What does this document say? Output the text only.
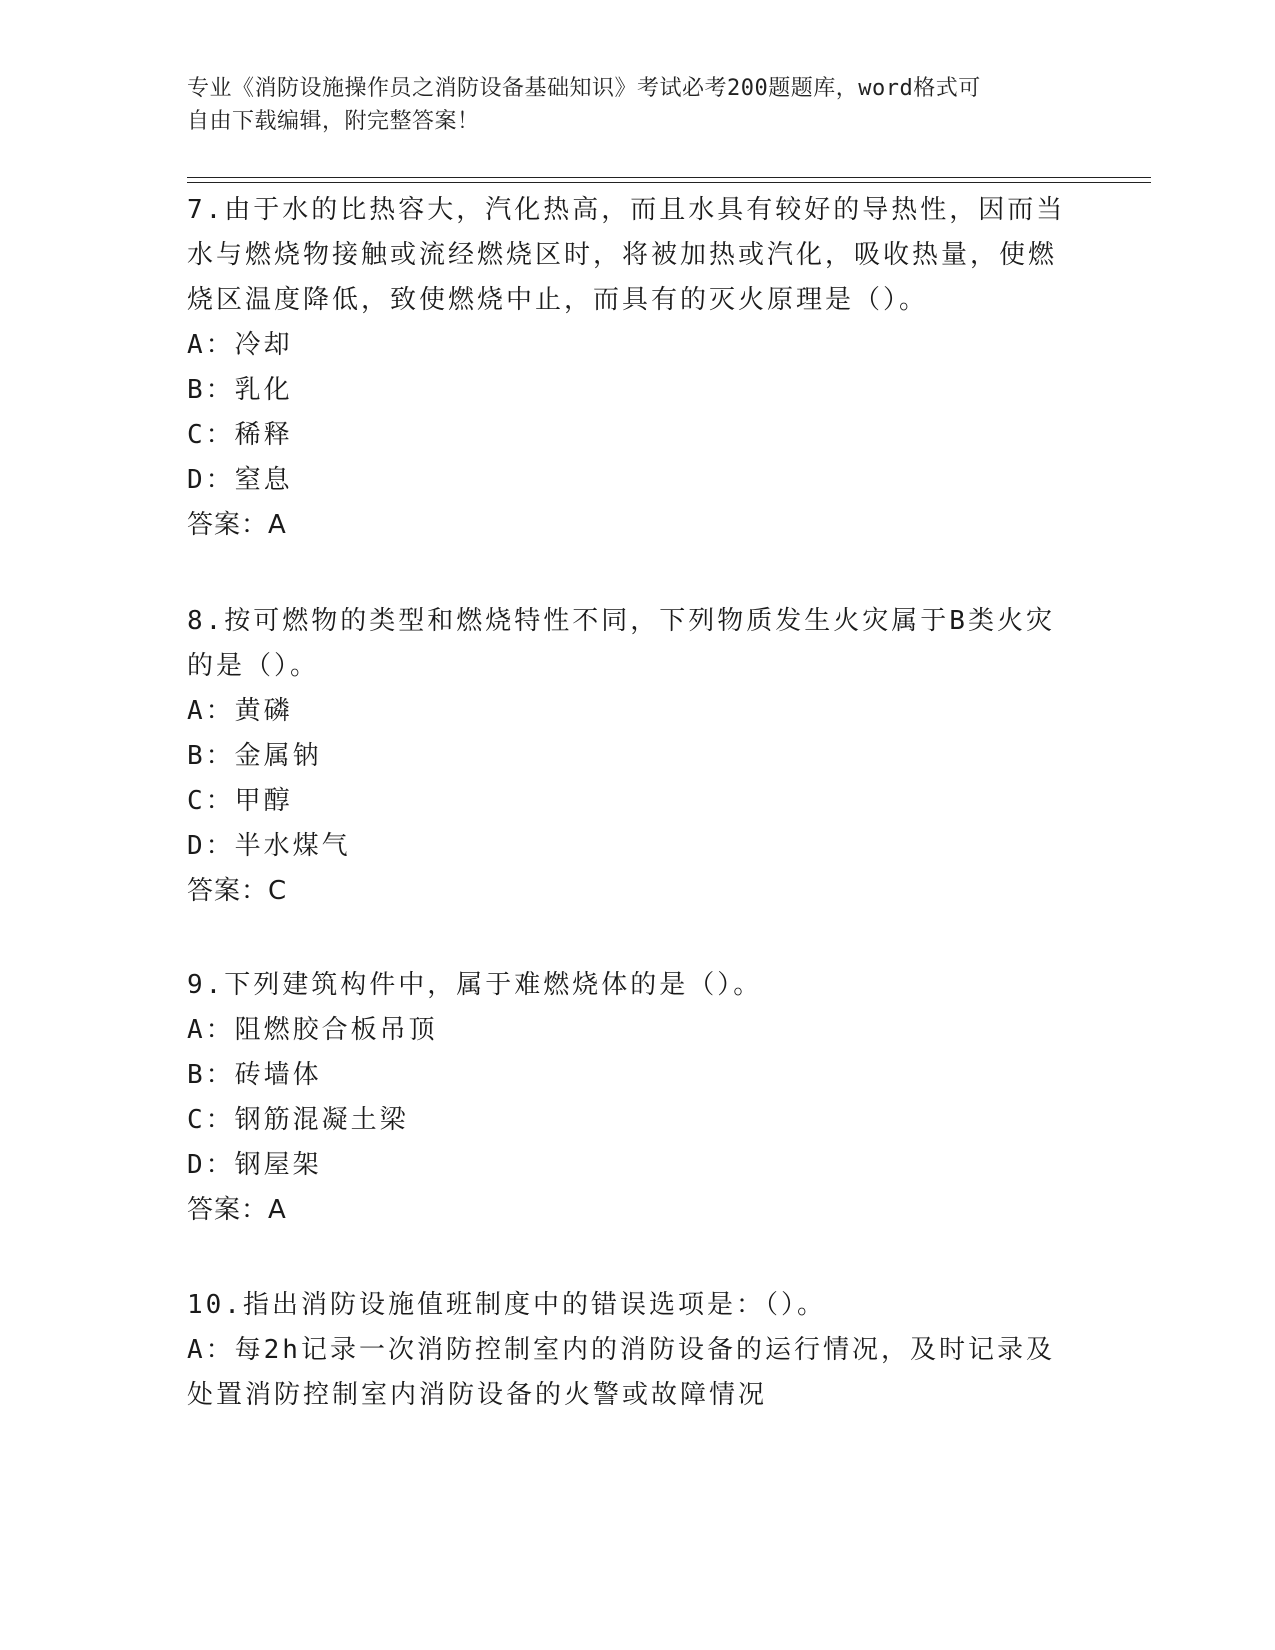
专业《消防设施操作员之消防设备基础知识》考试必考200题题库，word格式可
自由下载编辑，附完整答案！

7.由于水的比热容大，汽化热高，而且水具有较好的导热性，因而当

水与燃烧物接触或流经燃烧区时，将被加热或汽化，吸收热量，使燃

烧区温度降低，致使燃烧中止，而具有的灭火原理是（）。

A：冷却

B：乳化

C：稀释

D：窒息

答案：A

8.按可燃物的类型和燃烧特性不同，下列物质发生火灾属于B类火灾

的是（）。

A：黄磷

B：金属钠

C：甲醇

D：半水煤气

答案：C

9.下列建筑构件中，属于难燃烧体的是（）。

A：阻燃胶合板吊顶

B：砖墙体

C：钢筋混凝土梁

D：钢屋架

答案：A

10.指出消防设施值班制度中的错误选项是：（）。

A：每2h记录一次消防控制室内的消防设备的运行情况，及时记录及

处置消防控制室内消防设备的火警或故障情况
